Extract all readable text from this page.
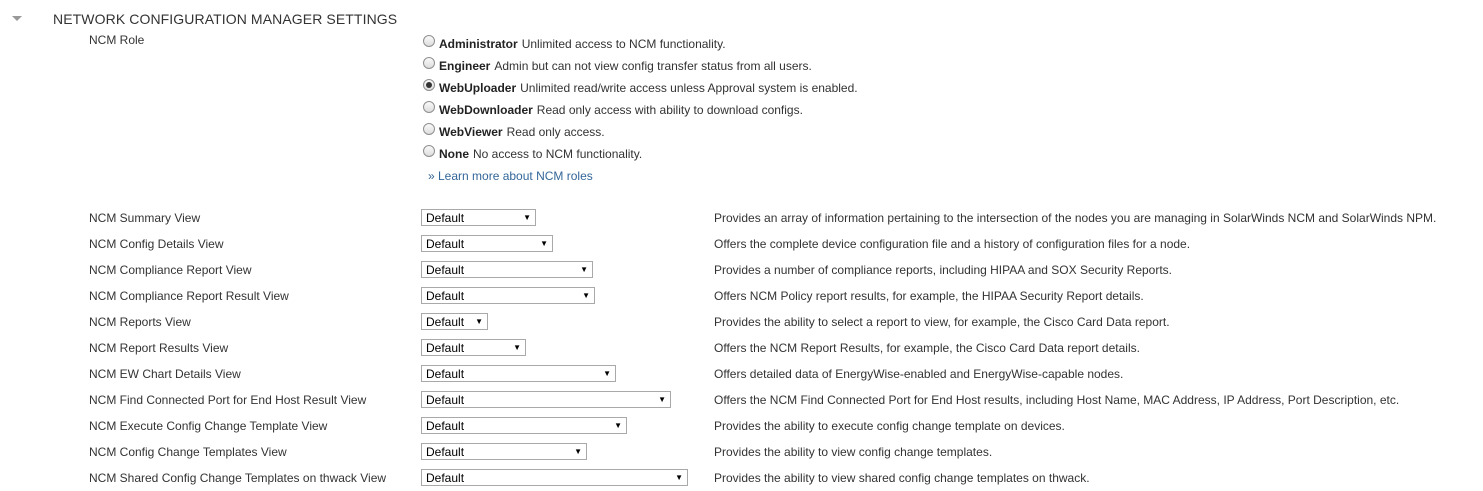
NETWORK CONFIGURATION MANAGER SETTINGS
NCM Role	Administrator Unlimited access to NCM functionality.
Engineer Admin but can not view config transfer status from all users.
WebUploader Unlimited read/write access unless Approval system is enabled.
WebDownloader Read only access with ability to download configs.
WebViewer Read only access.
None No access to NCM functionality.
» Learn more about NCM roles
NCM Summary View	Default	▼	Provides an array of information pertaining to the intersection of the nodes you are managing in SolarWinds NCM and SolarWinds NPM.
NCM Config Details View	Default	▼	Offers the complete device configuration file and a history of configuration files for a node.
NCM Compliance Report View	Default	▼	Provides a number of compliance reports, including HIPAA and SOX Security Reports.
NCM Compliance Report Result View	Default	▼	Offers NCM Policy report results, for example, the HIPAA Security Report details.
NCM Reports View	Default	▼	Provides the ability to select a report to view, for example, the Cisco Card Data report.
NCM Report Results View	Default	▼	Offers the NCM Report Results, for example, the Cisco Card Data report details.
NCM EW Chart Details View	Default	▼	Offers detailed data of EnergyWise-enabled and EnergyWise-capable nodes.
NCM Find Connected Port for End Host Result View	Default	▼	Offers the NCM Find Connected Port for End Host results, including Host Name, MAC Address, IP Address, Port Description, etc.
NCM Execute Config Change Template View	Default	▼	Provides the ability to execute config change template on devices.
NCM Config Change Templates View	Default	▼	Provides the ability to view config change templates.
NCM Shared Config Change Templates on thwack View	Default	▼	Provides the ability to view shared config change templates on thwack.
